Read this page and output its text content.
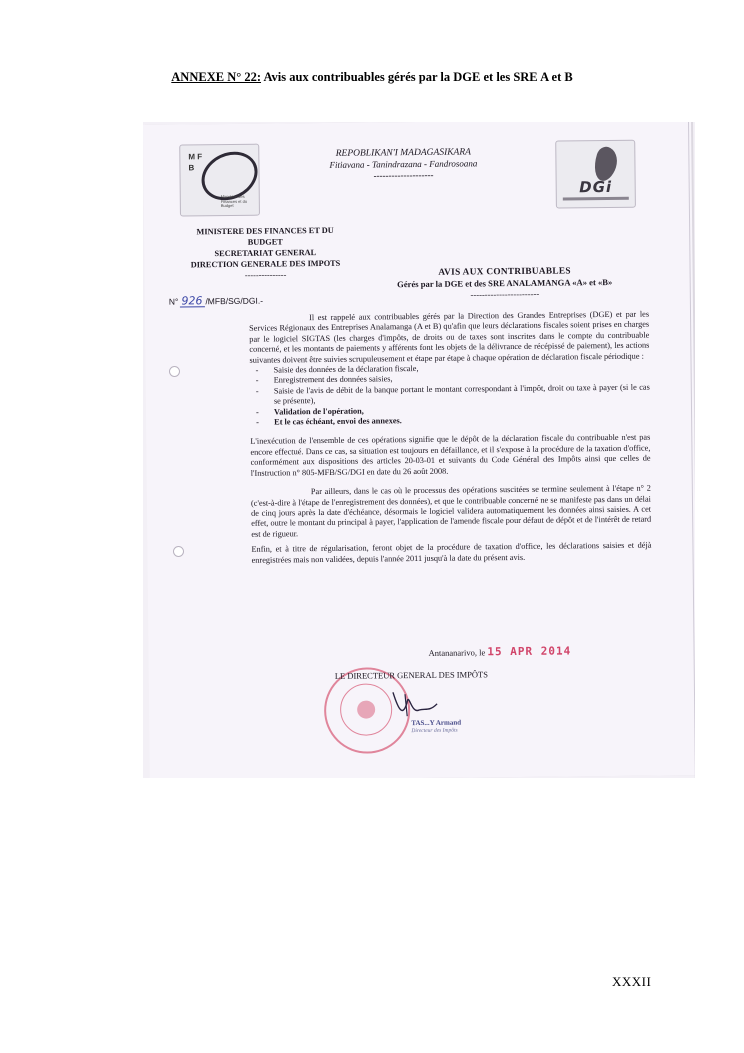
ANNEXE N° 22: Avis aux contribuables gérés par la DGE et les SRE A et B
M F B
Ministère des Finances et du Budget
REPOBLIKAN'I MADAGASIKARA
Fitiavana - Tanindrazana - Fandrosoana
--------------------
DGi
MINISTERE DES FINANCES ET DU
BUDGET
SECRETARIAT GENERAL
DIRECTION GENERALE DES IMPOTS
---------------
N° 926 /MFB/SG/DGI.-
AVIS AUX CONTRIBUABLES
Gérés par la DGE et des SRE ANALAMANGA «A» et «B»
------------------------

Il est rappelé aux contribuables gérés par la Direction des Grandes Entreprises (DGE) et par les Services Régionaux des Entreprises Analamanga (A et B) qu'afin que leurs déclarations fiscales soient prises en charges par le logiciel SIGTAS (les charges d'impôts, de droits ou de taxes sont inscrites dans le compte du contribuable concerné, et les montants de paiements y afférents font les objets de la délivrance de récépissé de paiement), les actions suivantes doivent être suivies scrupuleusement et étape par étape à chaque opération de déclaration fiscale périodique :

- Saisie des données de la déclaration fiscale,
- Enregistrement des données saisies,
- Saisie de l'avis de débit de la banque portant le montant correspondant à l'impôt, droit ou taxe à payer (si le cas se présente),
- Validation de l'opération,
- Et le cas échéant, envoi des annexes.

L'inexécution de l'ensemble de ces opérations signifie que le dépôt de la déclaration fiscale du contribuable n'est pas encore effectué. Dans ce cas, sa situation est toujours en défaillance, et il s'expose à la procédure de la taxation d'office, conformément aux dispositions des articles 20-03-01 et suivants du Code Général des Impôts ainsi que celles de l'Instruction n° 805-MFB/SG/DGI en date du 26 août 2008.

Par ailleurs, dans le cas où le processus des opérations suscitées se termine seulement à l'étape n° 2 (c'est-à-dire à l'étape de l'enregistrement des données), et que le contribuable concerné ne se manifeste pas dans un délai de cinq jours après la date d'échéance, désormais le logiciel validera automatiquement les données ainsi saisies. A cet effet, outre le montant du principal à payer, l'application de l'amende fiscale pour défaut de dépôt et de l'intérêt de retard est de rigueur.

Enfin, et à titre de régularisation, feront objet de la procédure de taxation d'office, les déclarations saisies et déjà enregistrées mais non validées, depuis l'année 2011 jusqu'à la date du présent avis.

Antananarivo, le 15 APR 2014
LE DIRECTEUR GENERAL DES IMPÔTS
TAS...Y Armand
Directeur des Impôts
XXXII
